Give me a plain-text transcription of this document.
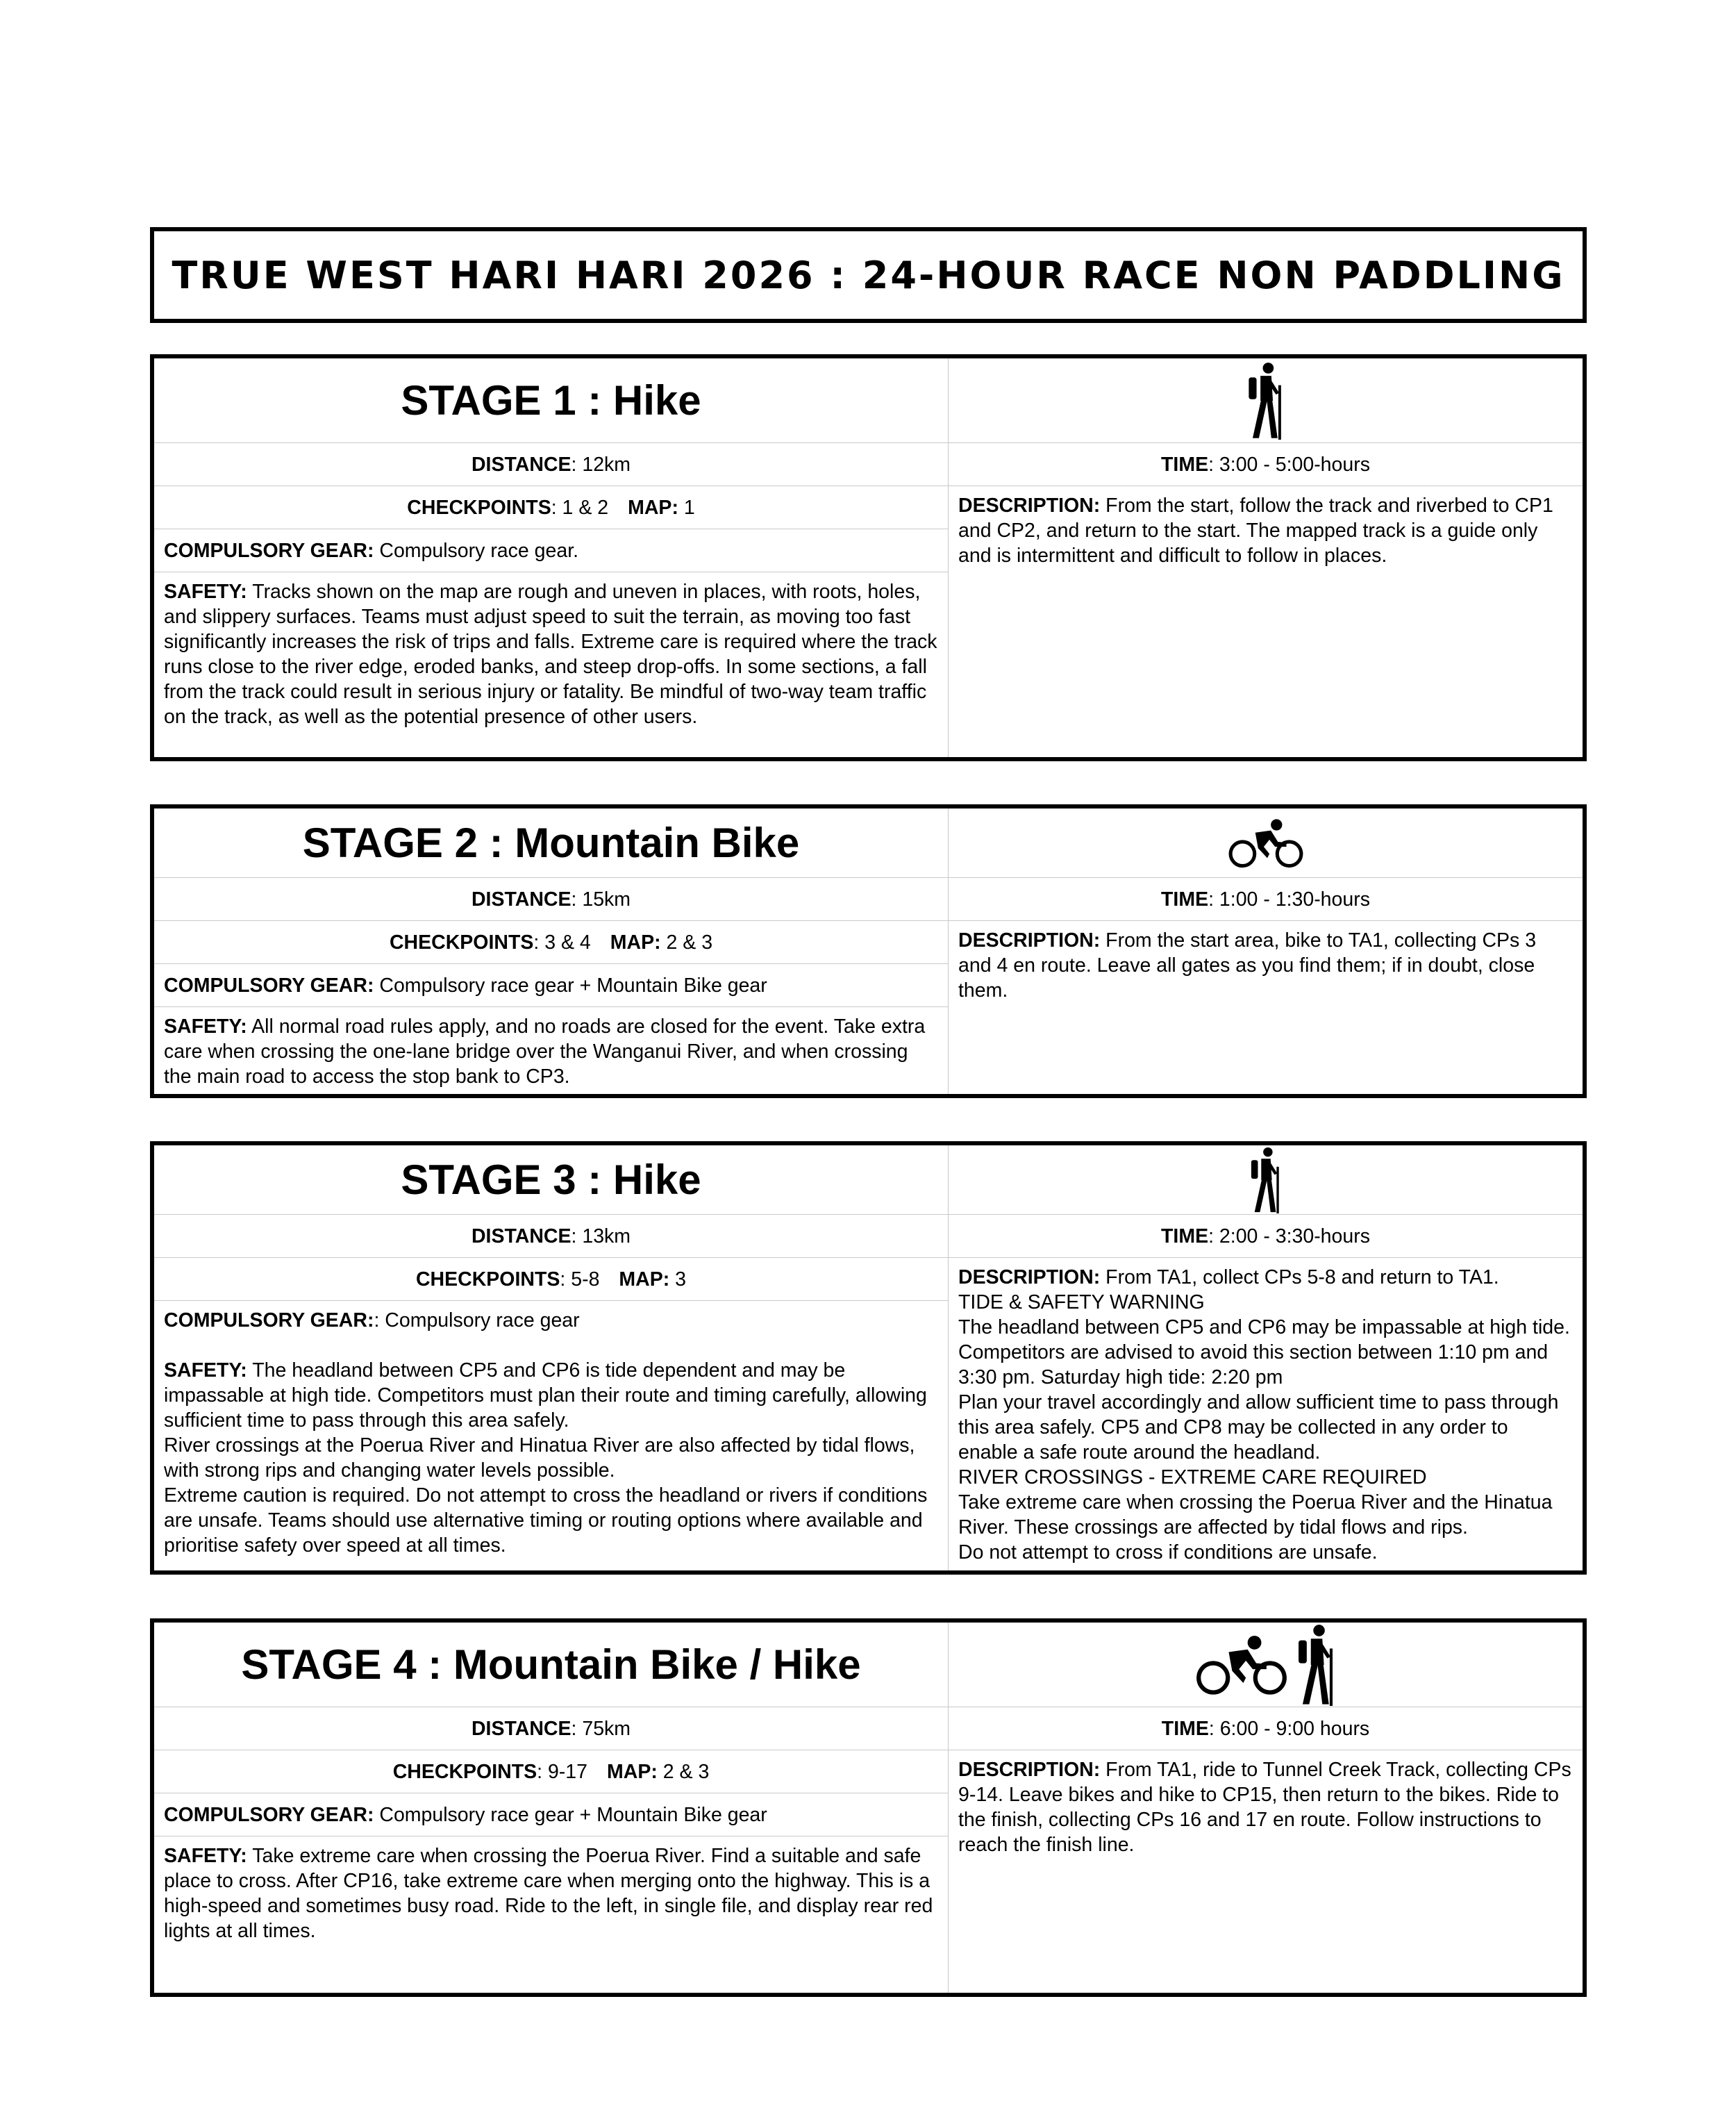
TRUE WEST HARI HARI 2026 : 24-HOUR RACE NON PADDLING
STAGE 1 : Hike
DISTANCE: 12km	TIME: 3:00 - 5:00-hours
CHECKPOINTS: 1 & 2 MAP: 1	DESCRIPTION: From the start, follow the track and riverbed to CP1 and CP2, and return to the start. The mapped track is a guide only and is intermittent and difficult to follow in places.
COMPULSORY GEAR: Compulsory race gear.
SAFETY: Tracks shown on the map are rough and uneven in places, with roots, holes, and slippery surfaces. Teams must adjust speed to suit the terrain, as moving too fast significantly increases the risk of trips and falls. Extreme care is required where the track runs close to the river edge, eroded banks, and steep drop-offs. In some sections, a fall from the track could result in serious injury or fatality. Be mindful of two-way team traffic on the track, as well as the potential presence of other users.
STAGE 2 : Mountain Bike
DISTANCE: 15km	TIME: 1:00 - 1:30-hours
CHECKPOINTS: 3 & 4 MAP: 2 & 3	DESCRIPTION: From the start area, bike to TA1, collecting CPs 3 and 4 en route. Leave all gates as you find them; if in doubt, close them.
COMPULSORY GEAR: Compulsory race gear + Mountain Bike gear
SAFETY: All normal road rules apply, and no roads are closed for the event. Take extra care when crossing the one-lane bridge over the Wanganui River, and when crossing the main road to access the stop bank to CP3.
STAGE 3 : Hike
DISTANCE: 13km	TIME: 2:00 - 3:30-hours
CHECKPOINTS: 5-8 MAP: 3	DESCRIPTION: From TA1, collect CPs 5-8 and return to TA1.
TIDE & SAFETY WARNING
The headland between CP5 and CP6 may be impassable at high tide. Competitors are advised to avoid this section between 1:10 pm and 3:30 pm. Saturday high tide: 2:20 pm
Plan your travel accordingly and allow sufficient time to pass through this area safely. CP5 and CP8 may be collected in any order to enable a safe route around the headland.
RIVER CROSSINGS - EXTREME CARE REQUIRED
Take extreme care when crossing the Poerua River and the Hinatua River. These crossings are affected by tidal flows and rips.
Do not attempt to cross if conditions are unsafe.
COMPULSORY GEAR:: Compulsory race gear
SAFETY: The headland between CP5 and CP6 is tide dependent and may be impassable at high tide. Competitors must plan their route and timing carefully, allowing sufficient time to pass through this area safely.
River crossings at the Poerua River and Hinatua River are also affected by tidal flows, with strong rips and changing water levels possible.
Extreme caution is required. Do not attempt to cross the headland or rivers if conditions are unsafe. Teams should use alternative timing or routing options where available and prioritise safety over speed at all times.
STAGE 4 : Mountain Bike / Hike
DISTANCE: 75km	TIME: 6:00 - 9:00 hours
CHECKPOINTS: 9-17 MAP: 2 & 3	DESCRIPTION: From TA1, ride to Tunnel Creek Track, collecting CPs 9-14. Leave bikes and hike to CP15, then return to the bikes. Ride to the finish, collecting CPs 16 and 17 en route. Follow instructions to reach the finish line.
COMPULSORY GEAR: Compulsory race gear + Mountain Bike gear
SAFETY: Take extreme care when crossing the Poerua River. Find a suitable and safe place to cross. After CP16, take extreme care when merging onto the highway. This is a high-speed and sometimes busy road. Ride to the left, in single file, and display rear red lights at all times.
